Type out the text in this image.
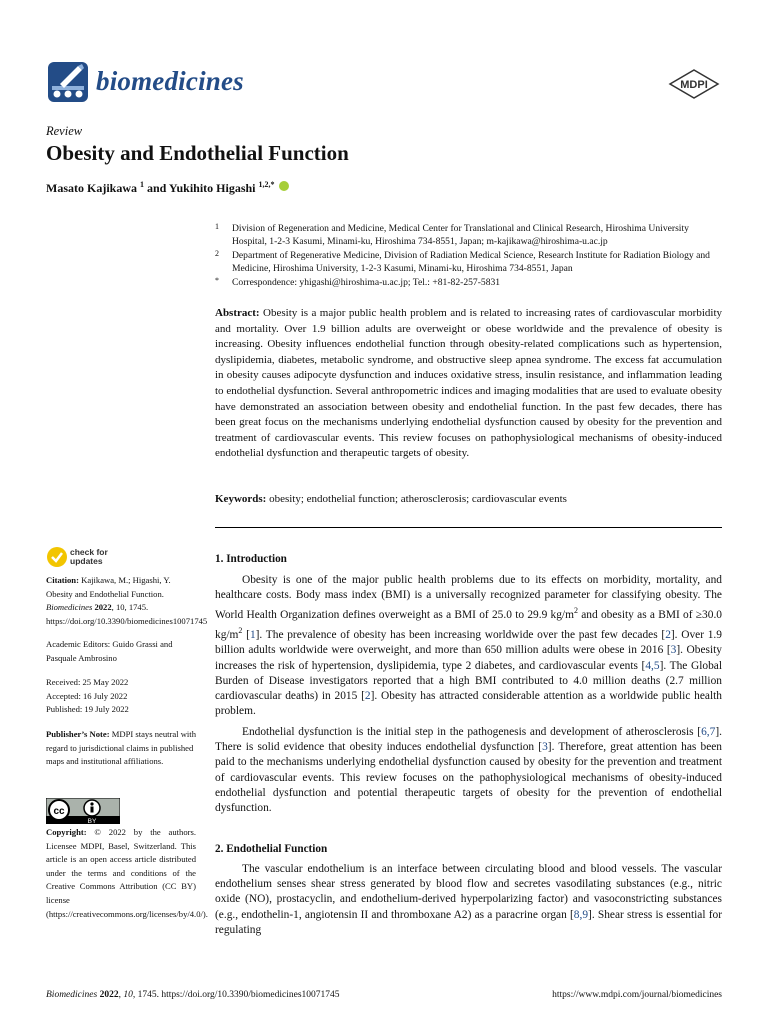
biomedicines	MDPI
Review
Obesity and Endothelial Function
Masato Kajikawa $^1$ and Yukihito Higashi $^{1,2,*}$
1	Division of Regeneration and Medicine, Medical Center for Translational and Clinical Research, Hiroshima University Hospital, 1-2-3 Kasumi, Minami-ku, Hiroshima 734-8551, Japan; m-kajikawa@hiroshima-u.ac.jp
2	Department of Regenerative Medicine, Division of Radiation Medical Science, Research Institute for Radiation Biology and Medicine, Hiroshima University, 1-2-3 Kasumi, Minami-ku, Hiroshima 734-8551, Japan
*	Correspondence: yhigashi@hiroshima-u.ac.jp; Tel.: +81-82-257-5831
Abstract: Obesity is a major public health problem and is related to increasing rates of cardiovascular morbidity and mortality. Over 1.9 billion adults are overweight or obese worldwide and the prevalence of obesity is increasing. Obesity influences endothelial function through obesity-related complications such as hypertension, dyslipidemia, diabetes, metabolic syndrome, and obstructive sleep apnea syndrome. The excess fat accumulation in obesity causes adipocyte dysfunction and induces oxidative stress, insulin resistance, and inflammation leading to endothelial dysfunction. Several anthropometric indices and imaging modalities that are used to evaluate obesity have demonstrated an association between obesity and endothelial function. In the past few decades, there has been great focus on the mechanisms underlying endothelial dysfunction caused by obesity for the prevention and treatment of cardiovascular events. This review focuses on pathophysiological mechanisms of obesity-induced endothelial dysfunction and therapeutic targets of obesity.
Keywords: obesity; endothelial function; atherosclerosis; cardiovascular events
check for
updates
Citation: Kajikawa, M.; Higashi, Y. Obesity and Endothelial Function. Biomedicines 2022, 10, 1745. https://doi.org/10.3390/biomedicines10071745
Academic Editors: Guido Grassi and Pasquale Ambrosino
Received: 25 May 2022
Accepted: 16 July 2022
Published: 19 July 2022
Publisher’s Note: MDPI stays neutral with regard to jurisdictional claims in published maps and institutional affiliations.
cc
BY
Copyright: © 2022 by the authors. Licensee MDPI, Basel, Switzerland. This article is an open access article distributed under the terms and conditions of the Creative Commons Attribution (CC BY) license (https://creativecommons.org/licenses/by/4.0/).
1. Introduction
Obesity is one of the major public health problems due to its effects on morbidity, mortality, and healthcare costs. Body mass index (BMI) is a universally recognized parameter for classifying obesity. The World Health Organization defines overweight as a BMI of 25.0 to 29.9 $kg/m^2$ and obesity as a BMI of ≥30.0 $kg/m^2$ [1]. The prevalence of obesity has been increasing worldwide over the past few decades [2]. Over 1.9 billion adults worldwide were overweight, and more than 650 million adults were obese in 2016 [3]. Obesity increases the risk of hypertension, dyslipidemia, type 2 diabetes, and cardiovascular events [4,5]. The Global Burden of Disease investigators reported that a high BMI contributed to 4.0 million deaths (2.7 million cardiovascular deaths) in 2015 [2]. Obesity has attracted considerable attention as a worldwide public health problem.
Endothelial dysfunction is the initial step in the pathogenesis and development of atherosclerosis [6,7]. There is solid evidence that obesity induces endothelial dysfunction [3]. Therefore, great attention has been paid to the mechanisms underlying endothelial dysfunction caused by obesity for the prevention and treatment of cardiovascular events. This review focuses on the pathophysiological mechanisms of obesity-induced endothelial dysfunction and potential therapeutic targets of obesity for the prevention of endothelial dysfunction.
2. Endothelial Function
The vascular endothelium is an interface between circulating blood and blood vessels. The vascular endothelium senses shear stress generated by blood flow and secretes vasodilating substances (e.g., nitric oxide (NO), prostacyclin, and endothelium-derived hyperpolarizing factor) and vasoconstricting substances (e.g., endothelin-1, angiotensin II and thromboxane A2) as a paracrine organ [8,9]. Shear stress is essential for regulating
Biomedicines 2022, 10, 1745. https://doi.org/10.3390/biomedicines10071745	https://www.mdpi.com/journal/biomedicines
